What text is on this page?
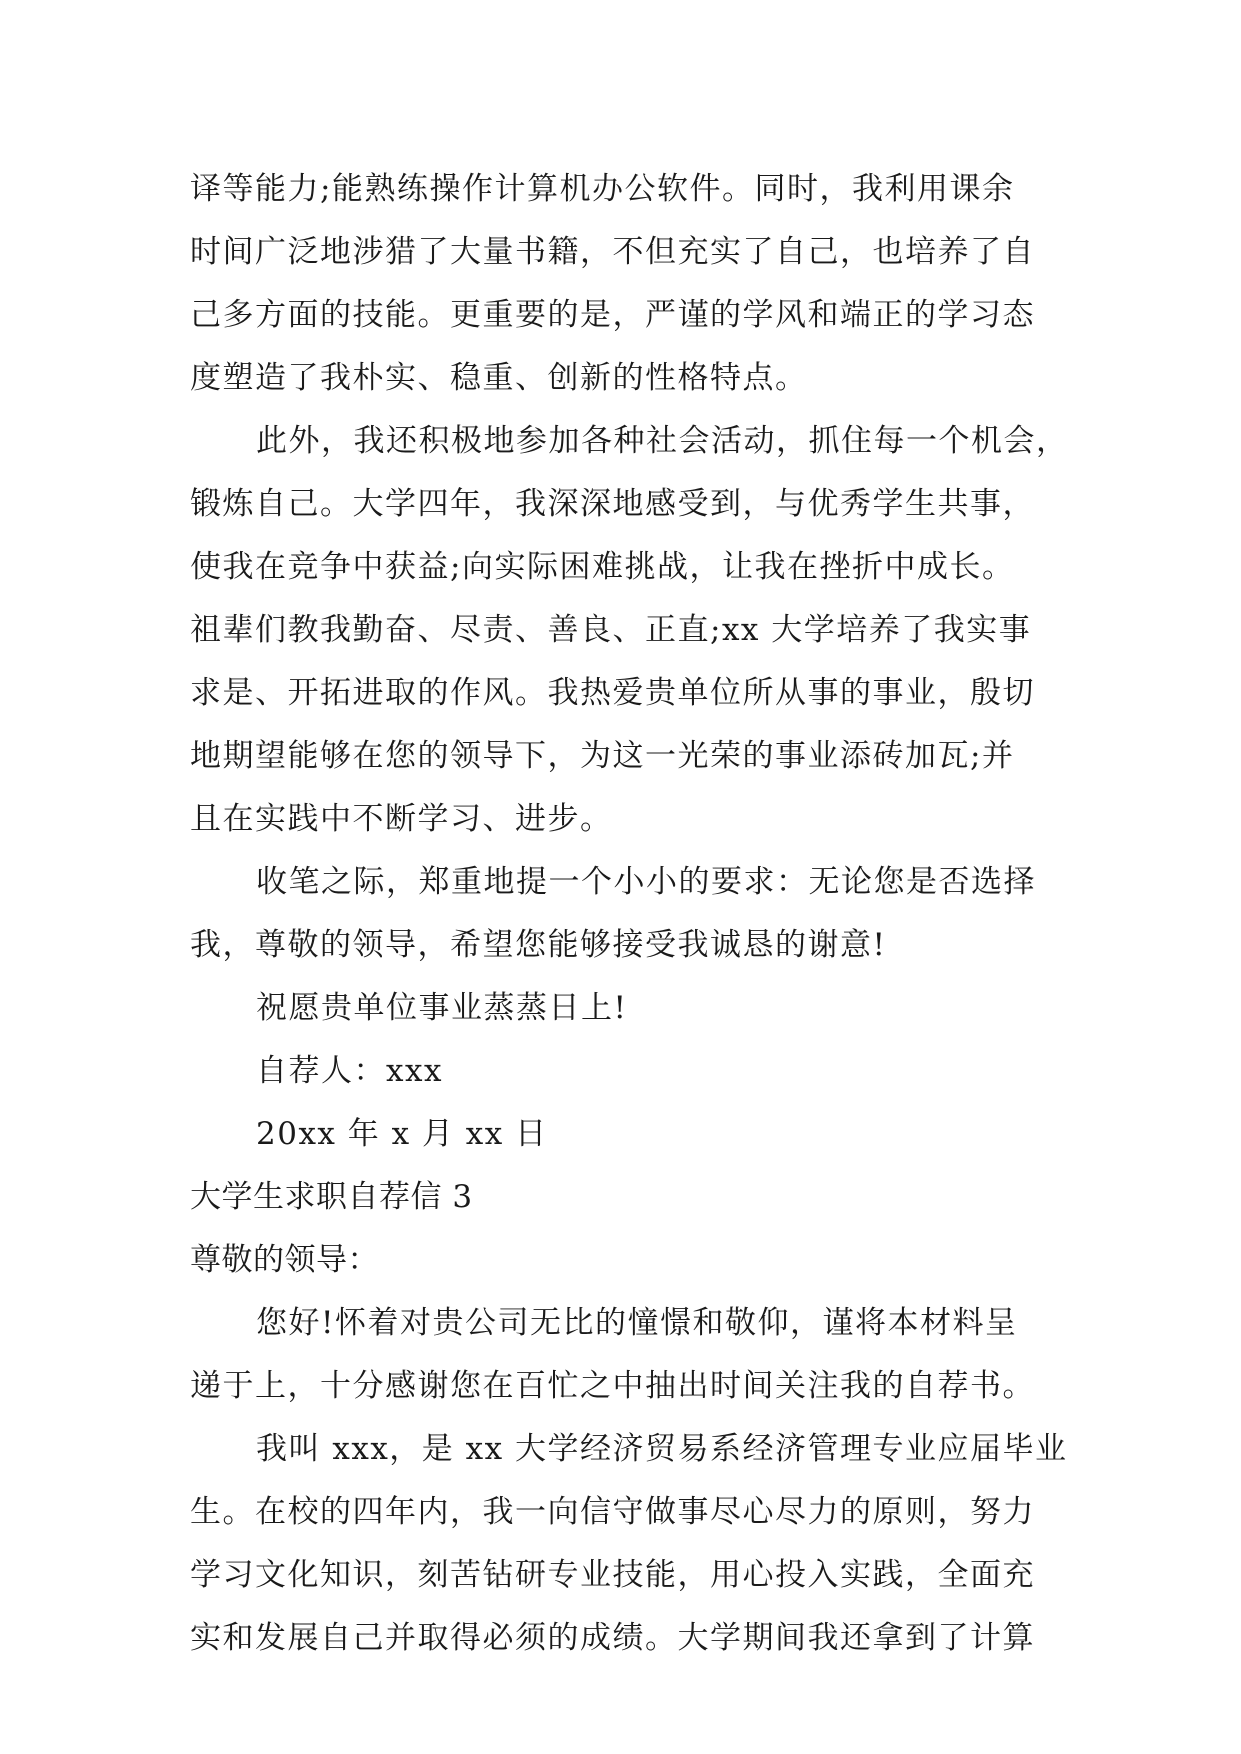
译等能力;能熟练操作计算机办公软件。同时，我利用课余
时间广泛地涉猎了大量书籍，不但充实了自己，也培养了自
己多方面的技能。更重要的是，严谨的学风和端正的学习态
度塑造了我朴实、稳重、创新的性格特点。
此外，我还积极地参加各种社会活动，抓住每一个机会，
锻炼自己。大学四年，我深深地感受到，与优秀学生共事，
使我在竞争中获益;向实际困难挑战，让我在挫折中成长。
祖辈们教我勤奋、尽责、善良、正直;xx 大学培养了我实事
求是、开拓进取的作风。我热爱贵单位所从事的事业，殷切
地期望能够在您的领导下，为这一光荣的事业添砖加瓦;并
且在实践中不断学习、进步。
收笔之际，郑重地提一个小小的要求：无论您是否选择
我，尊敬的领导，希望您能够接受我诚恳的谢意!
祝愿贵单位事业蒸蒸日上!
自荐人：xxx
20xx 年 x 月 xx 日
大学生求职自荐信 3
尊敬的领导：
您好!怀着对贵公司无比的憧憬和敬仰，谨将本材料呈
递于上，十分感谢您在百忙之中抽出时间关注我的自荐书。
我叫 xxx，是 xx 大学经济贸易系经济管理专业应届毕业
生。在校的四年内，我一向信守做事尽心尽力的原则，努力
学习文化知识，刻苦钻研专业技能，用心投入实践，全面充
实和发展自己并取得必须的成绩。大学期间我还拿到了计算
